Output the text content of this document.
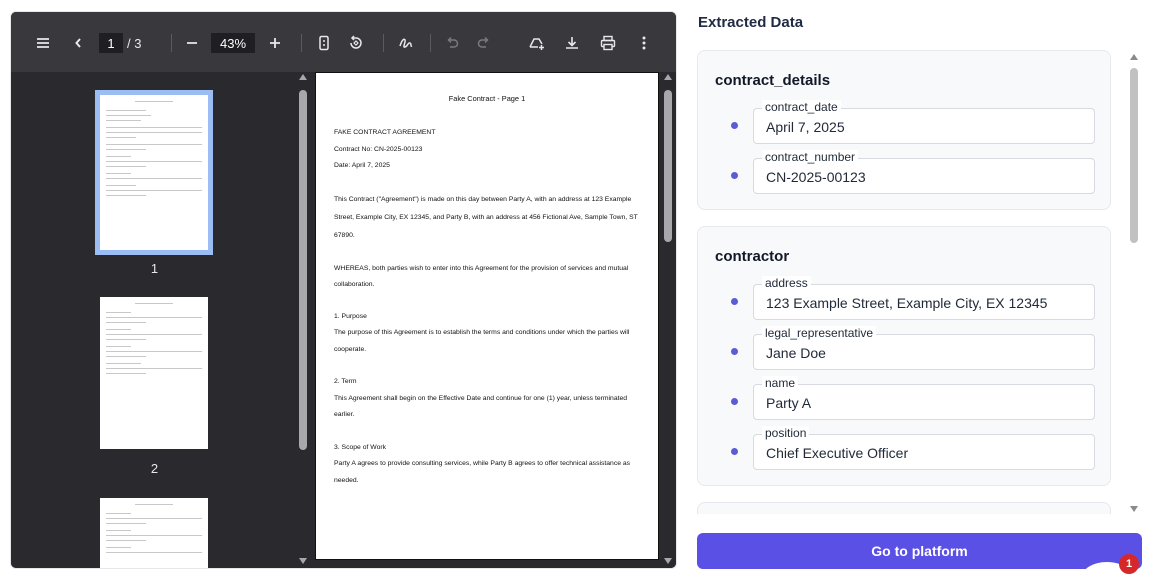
1
/ 3
43%
1
2
Fake Contract - Page 1

FAKE CONTRACT AGREEMENT

Contract No: CN-2025-00123

Date: April 7, 2025

This Contract ("Agreement") is made on this day between Party A, with an address at 123 Example Street, Example City, EX 12345, and Party B, with an address at 456 Fictional Ave, Sample Town, ST 67890.

WHEREAS, both parties wish to enter into this Agreement for the provision of services and mutual collaboration.

1. Purpose

The purpose of this Agreement is to establish the terms and conditions under which the parties will cooperate.

2. Term

This Agreement shall begin on the Effective Date and continue for one (1) year, unless terminated earlier.

3. Scope of Work

Party A agrees to provide consulting services, while Party B agrees to offer technical assistance as needed.

Extracted Data
contract_details
contract_date
April 7, 2025
contract_number
CN-2025-00123
contractor
address
123 Example Street, Example City, EX 12345
legal_representative
Jane Doe
name
Party A
position
Chief Executive Officer
Go to platform
1
